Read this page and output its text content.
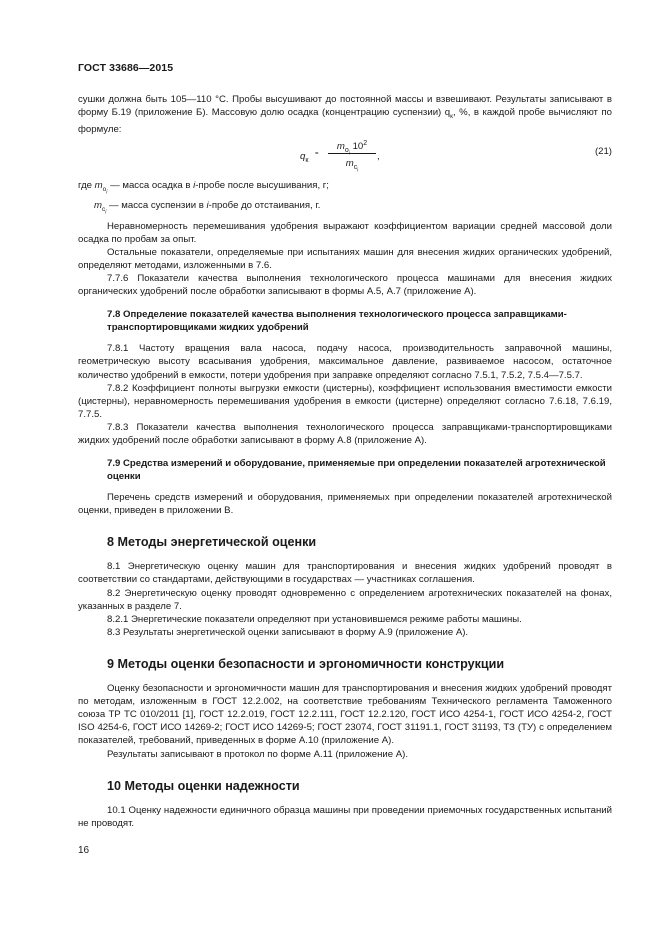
ГОСТ 33686—2015

сушки должна быть 105—110 °С. Пробы высушивают до постоянной массы и взвешивают. Результаты записывают в форму Б.19 (приложение Б). Массовую долю осадка (концентрацию суспензии) $q_к$, %, в каждой пробе вычисляют по формуле:

$q_к$
=
$m_{о_i}$ $10^2$
$m_{c_i}$
,	(21)

где $m_{о_i}$ — масса осадка в i-пробе после высушивания, г;

$m_{c_i}$ — масса суспензии в i-пробе до отстаивания, г.

Неравномерность перемешивания удобрения выражают коэффициентом вариации средней массовой доли осадка по пробам за опыт.

Остальные показатели, определяемые при испытаниях машин для внесения жидких органических удобрений, определяют методами, изложенными в 7.6.

7.7.6 Показатели качества выполнения технологического процесса машинами для внесения жидких органических удобрений после обработки записывают в формы А.5, А.7 (приложение А).

7.8 Определение показателей качества выполнения технологического процесса заправщиками-транспортировщиками жидких удобрений

7.8.1 Частоту вращения вала насоса, подачу насоса, производительность заправочной машины, геометрическую высоту всасывания удобрения, максимальное давление, развиваемое насосом, остаточное количество удобрений в емкости, потери удобрения при заправке определяют согласно 7.5.1, 7.5.2, 7.5.4—7.5.7.

7.8.2 Коэффициент полноты выгрузки емкости (цистерны), коэффициент использования вместимости емкости (цистерны), неравномерность перемешивания удобрения в емкости (цистерне) определяют согласно 7.6.18, 7.6.19, 7.7.5.

7.8.3 Показатели качества выполнения технологического процесса заправщиками-транспортировщиками жидких удобрений после обработки записывают в форму А.8 (приложение А).

7.9 Средства измерений и оборудование, применяемые при определении показателей агротехнической оценки

Перечень средств измерений и оборудования, применяемых при определении показателей агротехнической оценки, приведен в приложении В.

8 Методы энергетической оценки

8.1 Энергетическую оценку машин для транспортирования и внесения жидких удобрений проводят в соответствии со стандартами, действующими в государствах — участниках соглашения.

8.2 Энергетическую оценку проводят одновременно с определением агротехнических показателей на фонах, указанных в разделе 7.

8.2.1 Энергетические показатели определяют при установившемся режиме работы машины.

8.3 Результаты энергетической оценки записывают в форму А.9 (приложение А).

9 Методы оценки безопасности и эргономичности конструкции

Оценку безопасности и эргономичности машин для транспортирования и внесения жидких удобрений проводят по методам, изложенным в ГОСТ 12.2.002, на соответствие требованиям Технического регламента Таможенного союза ТР ТС 010/2011 [1], ГОСТ 12.2.019, ГОСТ 12.2.111, ГОСТ 12.2.120, ГОСТ ИСО 4254-1, ГОСТ ИСО 4254-2, ГОСТ ISO 4254-6, ГОСТ ИСО 14269-2; ГОСТ ИСО 14269-5; ГОСТ 23074, ГОСТ 31191.1, ГОСТ 31193, ТЗ (ТУ) с определением показателей, требований, приведенных в форме А.10 (приложение А).

Результаты записывают в протокол по форме А.11 (приложение А).

10 Методы оценки надежности

10.1 Оценку надежности единичного образца машины при проведении приемочных государственных испытаний не проводят.

16
